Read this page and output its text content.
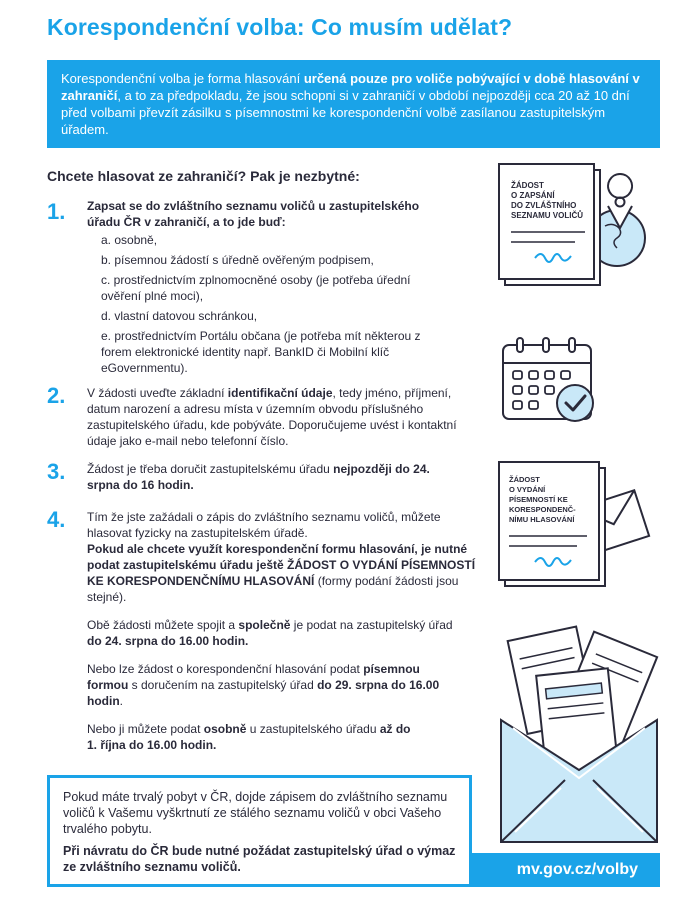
Korespondenční volba: Co musím udělat?
Korespondenční volba je forma hlasování určená pouze pro voliče pobývající v době hlasování v zahraničí, a to za předpokladu, že jsou schopni si v zahraničí v období nejpozději cca 20 až 10 dní před volbami převzít zásilku s písemnostmi ke korespondenční volbě zasílanou zastupitelským úřadem.
Chcete hlasovat ze zahraničí? Pak je nezbytné:
1. Zapsat se do zvláštního seznamu voličů u zastupitelského úřadu ČR v zahraničí, a to jde buď:

a. osobně,
b. písemnou žádostí s úředně ověřeným podpisem,
c. prostřednictvím zplnomocněné osoby (je potřeba úřední ověření plné moci),
d. vlastní datovou schránkou,
e. prostřednictvím Portálu občana (je potřeba mít některou z forem elektronické identity např. BankID či Mobilní klíč eGovernmentu).
2. V žádosti uveďte základní identifikační údaje, tedy jméno, příjmení, datum narození a adresu místa v územním obvodu příslušného zastupitelského úřadu, kde pobýváte. Doporučujeme uvést i kontaktní údaje jako e-mail nebo telefonní číslo.

3. Žádost je třeba doručit zastupitelskému úřadu nejpozději do 24. srpna do 16 hodin.

4. Tím že jste zažádali o zápis do zvláštního seznamu voličů, můžete hlasovat fyzicky na zastupitelském úřadě.

Pokud ale chcete využít korespondenční formu hlasování, je nutné podat zastupitelskému úřadu ještě ŽÁDOST O VYDÁNÍ PÍSEMNOSTÍ KE KORESPONDENČNÍMU HLASOVÁNÍ (formy podání žádosti jsou stejné).

Obě žádosti můžete spojit a společně je podat na zastupitelský úřad do 24. srpna do 16.00 hodin.

Nebo lze žádost o korespondenční hlasování podat písemnou formou s doručením na zastupitelský úřad do 29. srpna do 16.00 hodin.

Nebo ji můžete podat osobně u zastupitelského úřadu až do 1. října do 16.00 hodin.

Pokud máte trvalý pobyt v ČR, dojde zápisem do zvláštního seznamu voličů k Vašemu vyškrtnutí ze stálého seznamu voličů v obci Vašeho trvalého pobytu.

Při návratu do ČR bude nutné požádat zastupitelský úřad o výmaz ze zvláštního seznamu voličů.	mv.gov.cz/volby
ŽÁDOST
O ZAPSÁNÍ
DO ZVLÁŠTNÍHO
SEZNAMU VOLIČŮ
ŽÁDOST
O VYDÁNÍ
PÍSEMNOSTÍ KE
KORESPONDENČ-
NÍMU HLASOVÁNÍ
